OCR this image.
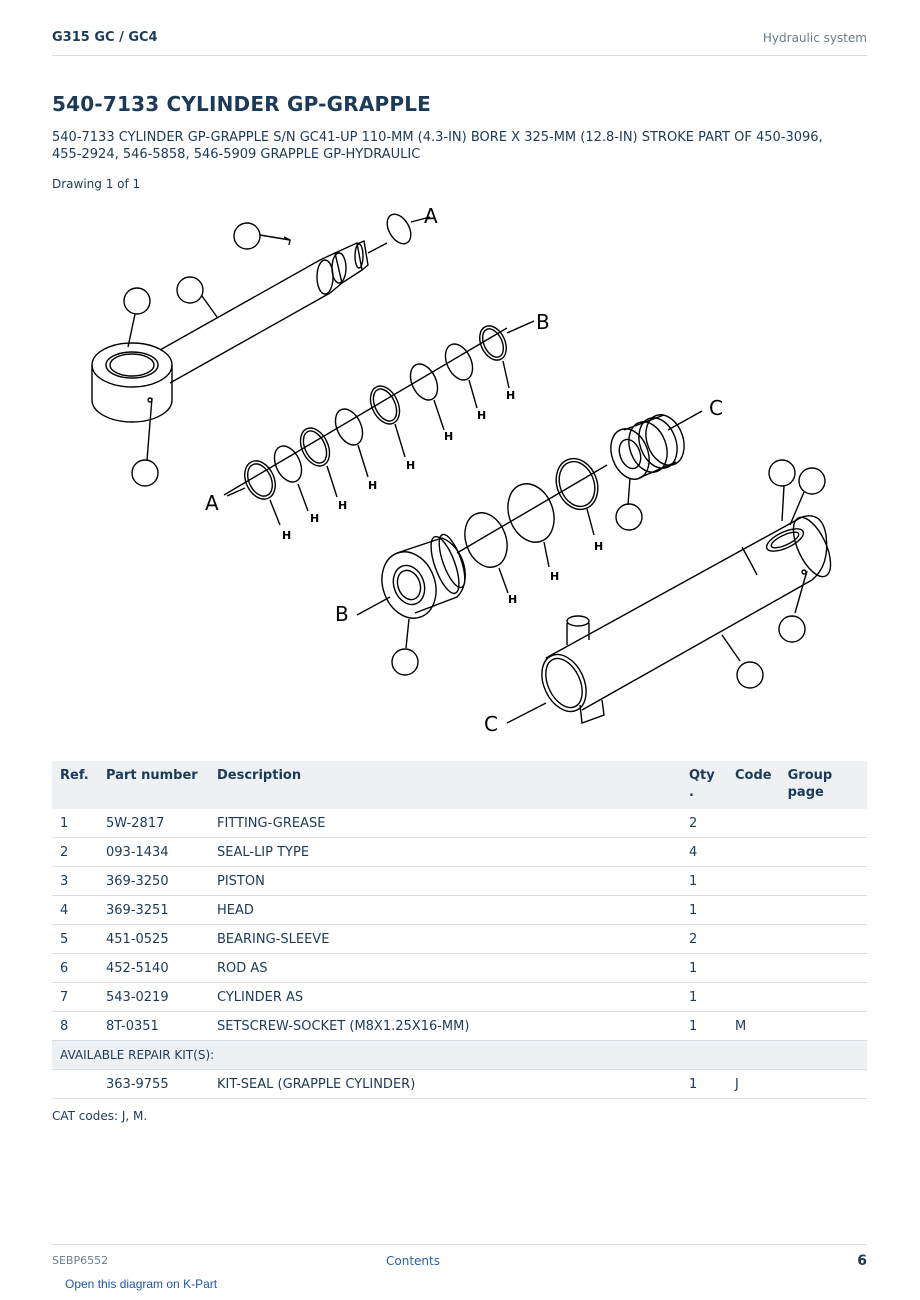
G315 GC / GC4	Hydraulic system
540-7133 CYLINDER GP-GRAPPLE
540-7133 CYLINDER GP-GRAPPLE S/N GC41-UP 110-MM (4.3-IN) BORE X 325-MM (12.8-IN) STROKE PART OF 450-3096, 455-2924, 546-5858, 546-5909 GRAPPLE GP-HYDRAULIC
Drawing 1 of 1
A
B
C
A
B
C
H
H
H
H
H
H
H
H
H
H
H
Ref.	Part number	Description	Qty .	Code	Group page
1	5W-2817	FITTING-GREASE	2		
2	093-1434	SEAL-LIP TYPE	4		
3	369-3250	PISTON	1		
4	369-3251	HEAD	1		
5	451-0525	BEARING-SLEEVE	2		
6	452-5140	ROD AS	1		
7	543-0219	CYLINDER AS	1		
8	8T-0351	SETSCREW-SOCKET (M8X1.25X16-MM)	1	M	
AVAILABLE REPAIR KIT(S):					
	363-9755	KIT-SEAL (GRAPPLE CYLINDER)	1	J	
CAT codes: J, M.
SEBP6552	Contents	6
Open this diagram on K-Part
